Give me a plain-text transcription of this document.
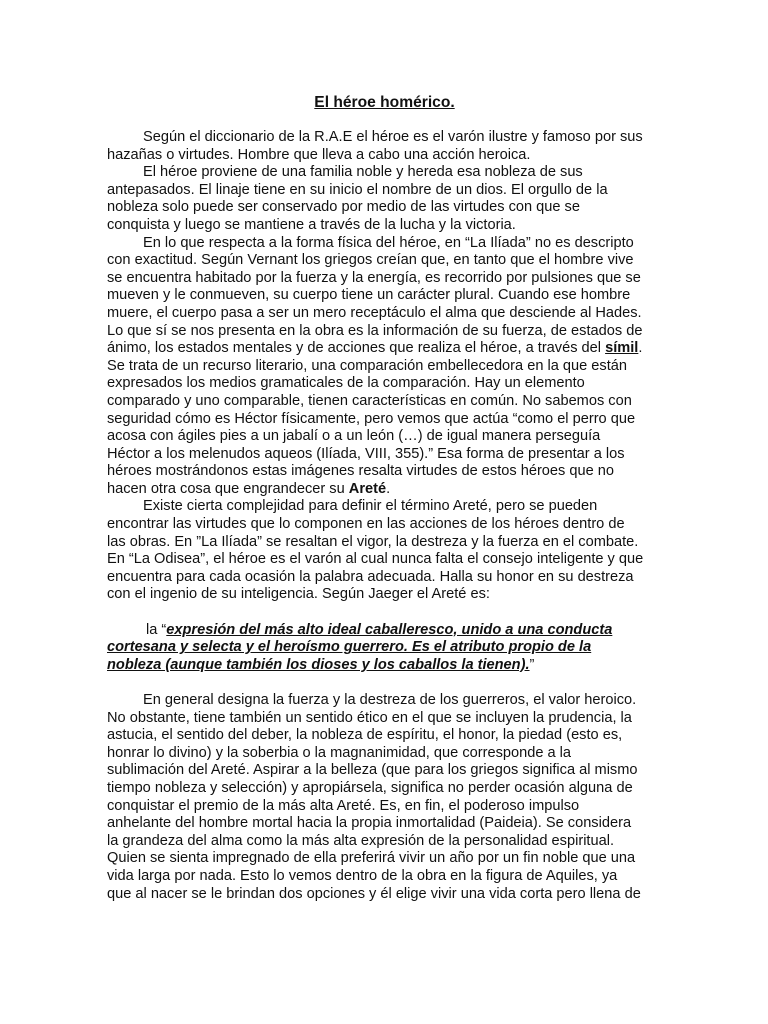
El héroe homérico.

Según el diccionario de la R.A.E el héroe es el varón ilustre y famoso por sus
hazañas o virtudes. Hombre que lleva a cabo una acción heroica.

El héroe proviene de una familia noble y hereda esa nobleza de sus
antepasados. El linaje tiene en su inicio el nombre de un dios. El orgullo de la
nobleza solo puede ser conservado por medio de las virtudes con que se
conquista y luego se mantiene a través de la lucha y la victoria.

En lo que respecta a la forma física del héroe, en “La Ilíada” no es descripto
con exactitud. Según Vernant los griegos creían que, en tanto que el hombre vive
se encuentra habitado por la fuerza y la energía, es recorrido por pulsiones que se
mueven y le conmueven, su cuerpo tiene un carácter plural. Cuando ese hombre
muere, el cuerpo pasa a ser un mero receptáculo el alma que desciende al Hades.
Lo que sí se nos presenta en la obra es la información de su fuerza, de estados de
ánimo, los estados mentales y de acciones que realiza el héroe, a través del símil.
Se trata de un recurso literario, una comparación embellecedora en la que están
expresados los medios gramaticales de la comparación. Hay un elemento
comparado y uno comparable, tienen características en común. No sabemos con
seguridad cómo es Héctor físicamente, pero vemos que actúa “como el perro que
acosa con ágiles pies a un jabalí o a un león (…) de igual manera perseguía
Héctor a los melenudos aqueos (Ilíada, VIII, 355).” Esa forma de presentar a los
héroes mostrándonos estas imágenes resalta virtudes de estos héroes que no
hacen otra cosa que engrandecer su Areté.

Existe cierta complejidad para definir el término Areté, pero se pueden
encontrar las virtudes que lo componen en las acciones de los héroes dentro de
las obras. En ”La Ilíada” se resaltan el vigor, la destreza y la fuerza en el combate.
En “La Odisea”, el héroe es el varón al cual nunca falta el consejo inteligente y que
encuentra para cada ocasión la palabra adecuada. Halla su honor en su destreza
con el ingenio de su inteligencia. Según Jaeger el Areté es:

la “expresión del más alto ideal caballeresco, unido a una conducta
cortesana y selecta y el heroísmo guerrero. Es el atributo propio de la
nobleza (aunque también los dioses y los caballos la tienen).”

En general designa la fuerza y la destreza de los guerreros, el valor heroico.
No obstante, tiene también un sentido ético en el que se incluyen la prudencia, la
astucia, el sentido del deber, la nobleza de espíritu, el honor, la piedad (esto es,
honrar lo divino) y la soberbia o la magnanimidad, que corresponde a la
sublimación del Areté. Aspirar a la belleza (que para los griegos significa al mismo
tiempo nobleza y selección) y apropiársela, significa no perder ocasión alguna de
conquistar el premio de la más alta Areté. Es, en fin, el poderoso impulso
anhelante del hombre mortal hacia la propia inmortalidad (Paideia). Se considera
la grandeza del alma como la más alta expresión de la personalidad espiritual.
Quien se sienta impregnado de ella preferirá vivir un año por un fin noble que una
vida larga por nada. Esto lo vemos dentro de la obra en la figura de Aquiles, ya
que al nacer se le brindan dos opciones y él elige vivir una vida corta pero llena de
